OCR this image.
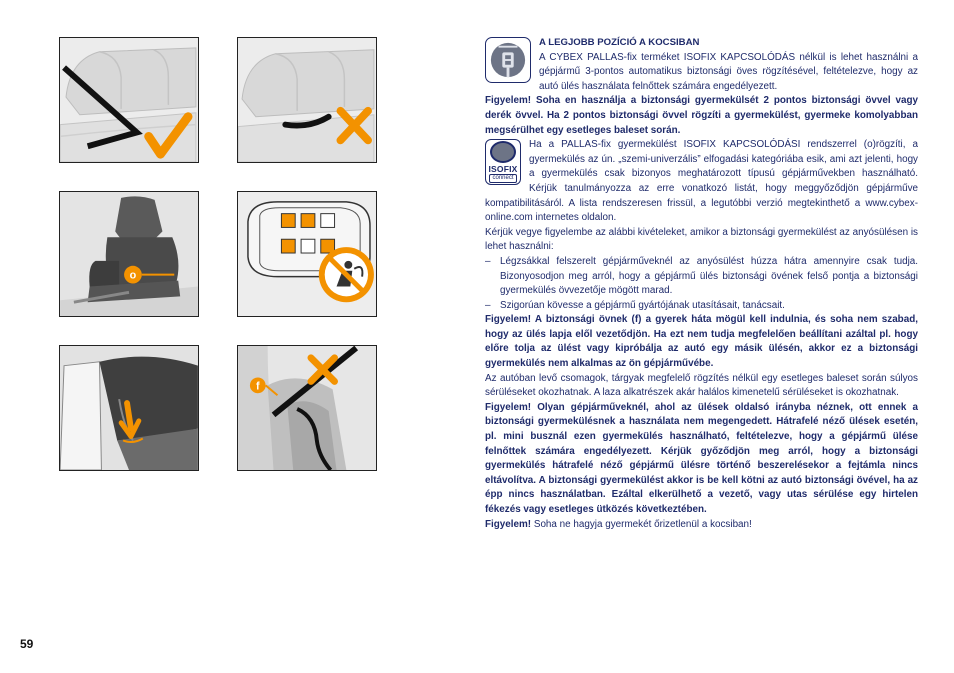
o
f

A LEGJOBB POZÍCIÓ A KOCSIBAN

A CYBEX PALLAS-fix terméket ISOFIX KAPCSOLÓDÁS nélkül is lehet használni a gépjármű 3-pontos automatikus biztonsági öves rögzítésével, feltételezve, hogy az autó ülés használata felnőttek számára engedélyezett.

Figyelem! Soha en használja a biztonsági gyermekülsét 2 pontos biztonsági övvel vagy derék övvel. Ha 2 pontos biztonsági övvel rögzíti a gyermekülést, gyermeke komolyabban megsérülhet egy esetleges baleset során.

ISOFIX
connect

Ha a PALLAS-fix gyermekülést ISOFIX KAPCSOLÓDÁSI rendszerrel (o)rögzíti, a gyermekülés az ún. „szemi-univerzális” elfogadási kategóriába esik, ami azt jelenti, hogy a gyermekülés csak bizonyos meghatározott típusú gépjárművekben használható. Kérjük tanulmányozza az erre vonatkozó listát, hogy meggyőződjön gépjárműve kompatibilitásáról. A lista rendszeresen frissül, a legutóbbi verzió megtekinthető a www.cybex-online.com internetes oldalon.

Kérjük vegye figyelembe az alábbi kivételeket, amikor a biztonsági gyermekülést az anyósülésen is lehet használni:

– Légzsákkal felszerelt gépjárműveknél az anyósülést húzza hátra amennyire csak tudja. Bizonyosodjon meg arról, hogy a gépjármű ülés biztonsági övének felső pontja a biztonsági gyermekülés övvezetője mögött marad.
– Szigorúan kövesse a gépjármű gyártójának utasításait, tanácsait.

Figyelem! A biztonsági övnek (f) a gyerek háta mögül kell indulnia, és soha nem szabad, hogy az ülés lapja elől vezetődjön. Ha ezt nem tudja megfelelően beállítani azáltal pl. hogy előre tolja az ülést vagy kipróbálja az autó egy másik ülésén, akkor ez a biztonsági gyermekülés nem alkalmas az ön gépjárművébe.

Az autóban levő csomagok, tárgyak megfelelő rögzítés nélkül egy esetleges baleset során súlyos sérüléseket okozhatnak. A laza alkatrészek akár halálos kimenetelű sérüléseket is okozhatnak.

Figyelem! Olyan gépjárműveknél, ahol az ülések oldalsó irányba néznek, ott ennek a biztonsági gyermekülésnek a használata nem megengedett. Hátrafelé néző ülések esetén, pl. mini busznál ezen gyermekülés használható, feltételezve, hogy a gépjármű ülése felnőttek számára engedélyezett. Kérjük győződjön meg arról, hogy a biztonsági gyermekülés hátrafelé néző gépjármű ülésre történő beszerelésekor a fejtámla nincs eltávolítva. A biztonsági gyermekülést akkor is be kell kötni az autó biztonsági övével, ha az épp nincs használatban. Ezáltal elkerülhető a vezető, vagy utas sérülése egy hirtelen fékezés vagy esetleges ütközés következtében.

Figyelem! Soha ne hagyja gyermekét őrizetlenül a kocsiban!

59
